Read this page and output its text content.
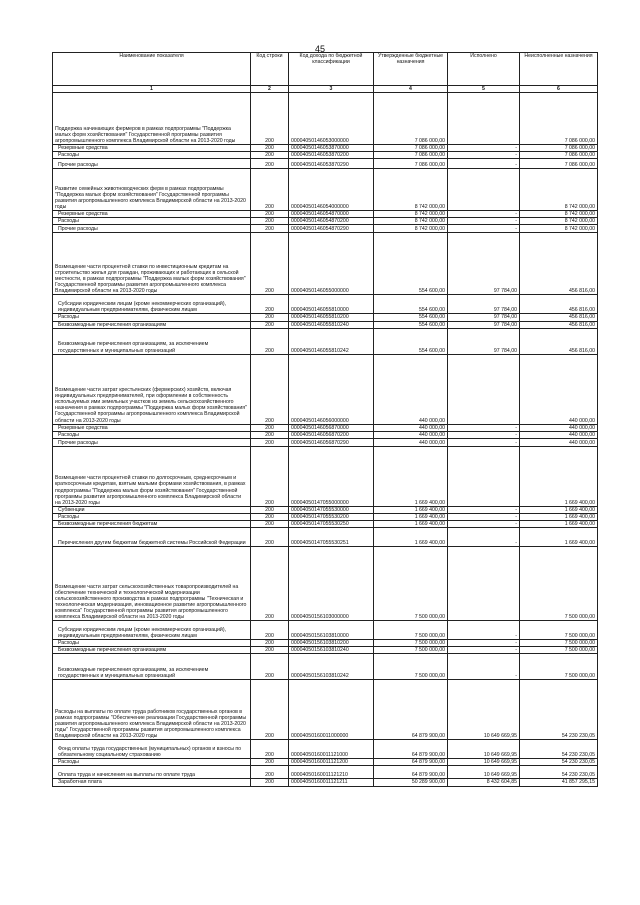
45
Наименование показателя	Код строки	Код дохода по бюджетной классификации	Утвержденные бюджетные назначения	Исполнено	Неисполненные назначения
1	2	3	4	5	6
Поддержка начинающих фермеров в рамках подпрограммы "Поддержка малых форм хозяйствования" Государственной программы развития агропромышленного комплекса Владимирской области на 2013-2020 годы	200	00004050146053000000	7 086 000,00		7 086 000,00
Резервные средства	200	00004050146053870000	7 086 000,00	-	7 086 000,00
Расходы	200	00004050146053870200	7 086 000,00	-	7 086 000,00
Прочие расходы	200	00004050146053870290	7 086 000,00	-	7 086 000,00
Развитие семейных животноводческих ферм в рамках подпрограммы "Поддержка малых форм хозяйствования" Государственной программы развития агропромышленного комплекса Владимирской области на 2013-2020 годы	200	00004050146054000000	8 742 000,00		8 742 000,00
Резервные средства	200	00004050146054870000	8 742 000,00	-	8 742 000,00
Расходы	200	00004050146054870200	8 742 000,00	-	8 742 000,00
Прочие расходы	200	00004050146054870290	8 742 000,00	-	8 742 000,00
Возмещение части процентной ставки по инвестиционным кредитам на строительство жилья для граждан, проживающих и работающих в сельской местности, в рамках подпрограммы "Поддержка малых форм хозяйствования" Государственной программы развития агропромышленного комплекса Владимирской области на 2013-2020 годы	200	00004050146055000000	554 600,00	97 784,00	456 816,00
Субсидии юридическим лицам (кроме некоммерческих организаций), индивидуальным предпринимателям, физическим лицам	200	00004050146055810000	554 600,00	97 784,00	456 816,00
Расходы	200	00004050146055810200	554 600,00	97 784,00	456 816,00
Безвозмездные перечисления организациям	200	00004050146055810240	554 600,00	97 784,00	456 816,00
Безвозмездные перечисления организациям, за исключением государственных и муниципальных организаций	200	00004050146055810242	554 600,00	97 784,00	456 816,00
Возмещение части затрат крестьянских (фермерских) хозяйств, включая индивидуальных предпринимателей, при оформлении в собственность используемых ими земельных участков из земель сельскохозяйственного назначения в рамках подпрограммы "Поддержка малых форм хозяйствования" Государственной программы агропромышленного комплекса Владимирской области на 2013-2020 годы	200	00004050146056000000	440 000,00		440 000,00
Резервные средства	200	00004050146056870000	440 000,00	-	440 000,00
Расходы	200	00004050146056870200	440 000,00	-	440 000,00
Прочие расходы	200	00004050146056870290	440 000,00	-	440 000,00
Возмещение части процентной ставки по долгосрочным, среднесрочным и краткосрочным кредитам, взятым малыми формами хозяйствования, в рамках подпрограммы "Поддержка малых форм хозяйствования" Государственной программы развития агропромышленного комплекса Владимирской области на 2013-2020 годы	200	00004050147055000000	1 669 400,00		1 669 400,00
Субвенции	200	00004050147055530000	1 669 400,00	-	1 669 400,00
Расходы	200	00004050147055530200	1 669 400,00	-	1 669 400,00
Безвозмездные перечисления бюджетам	200	00004050147055530250	1 669 400,00	-	1 669 400,00
Перечисления другим бюджетам бюджетной системы Российской Федерации	200	00004050147055530251	1 669 400,00	-	1 669 400,00
Возмещение части затрат сельскохозяйственных товаропроизводителей на обеспечение технической и технологической модернизации сельскохозяйственного производства в рамках подпрограммы "Техническая и технологическая модернизация, инновационное развитие агропромышленного комплекса" Государственной программы развития агропромышленного комплекса Владимирской области на 2013-2020 годы	200	00004050156103000000	7 500 000,00		7 500 000,00
Субсидии юридическим лицам (кроме некоммерческих организаций), индивидуальным предпринимателям, физическим лицам	200	00004050156103810000	7 500 000,00	-	7 500 000,00
Расходы	200	00004050156103810200	7 500 000,00	-	7 500 000,00
Безвозмездные перечисления организациям	200	00004050156103810240	7 500 000,00	-	7 500 000,00
Безвозмездные перечисления организациям, за исключением государственных и муниципальных организаций	200	00004050156103810242	7 500 000,00	-	7 500 000,00
Расходы на выплаты по оплате труда работников государственных органов в рамках подпрограммы "Обеспечение реализации Государственной программы развития агропромышленного комплекса Владимирской области на 2013-2020 годы" Государственной программы развития агропромышленного комплекса Владимирской области на 2013-2020 годы	200	00004050160011000000	64 879 900,00	10 649 669,95	54 230 230,05
Фонд оплаты труда государственных (муниципальных) органов и взносы по обязательному социальному страхованию	200	00004050160011121000	64 879 900,00	10 649 669,95	54 230 230,05
Расходы	200	00004050160011121200	64 879 900,00	10 649 669,95	54 230 230,05
Оплата труда и начисления на выплаты по оплате труда	200	00004050160011121210	64 879 900,00	10 649 669,95	54 230 230,05
Заработная плата	200	00004050160011121211	50 289 900,00	8 432 604,85	41 857 295,15
